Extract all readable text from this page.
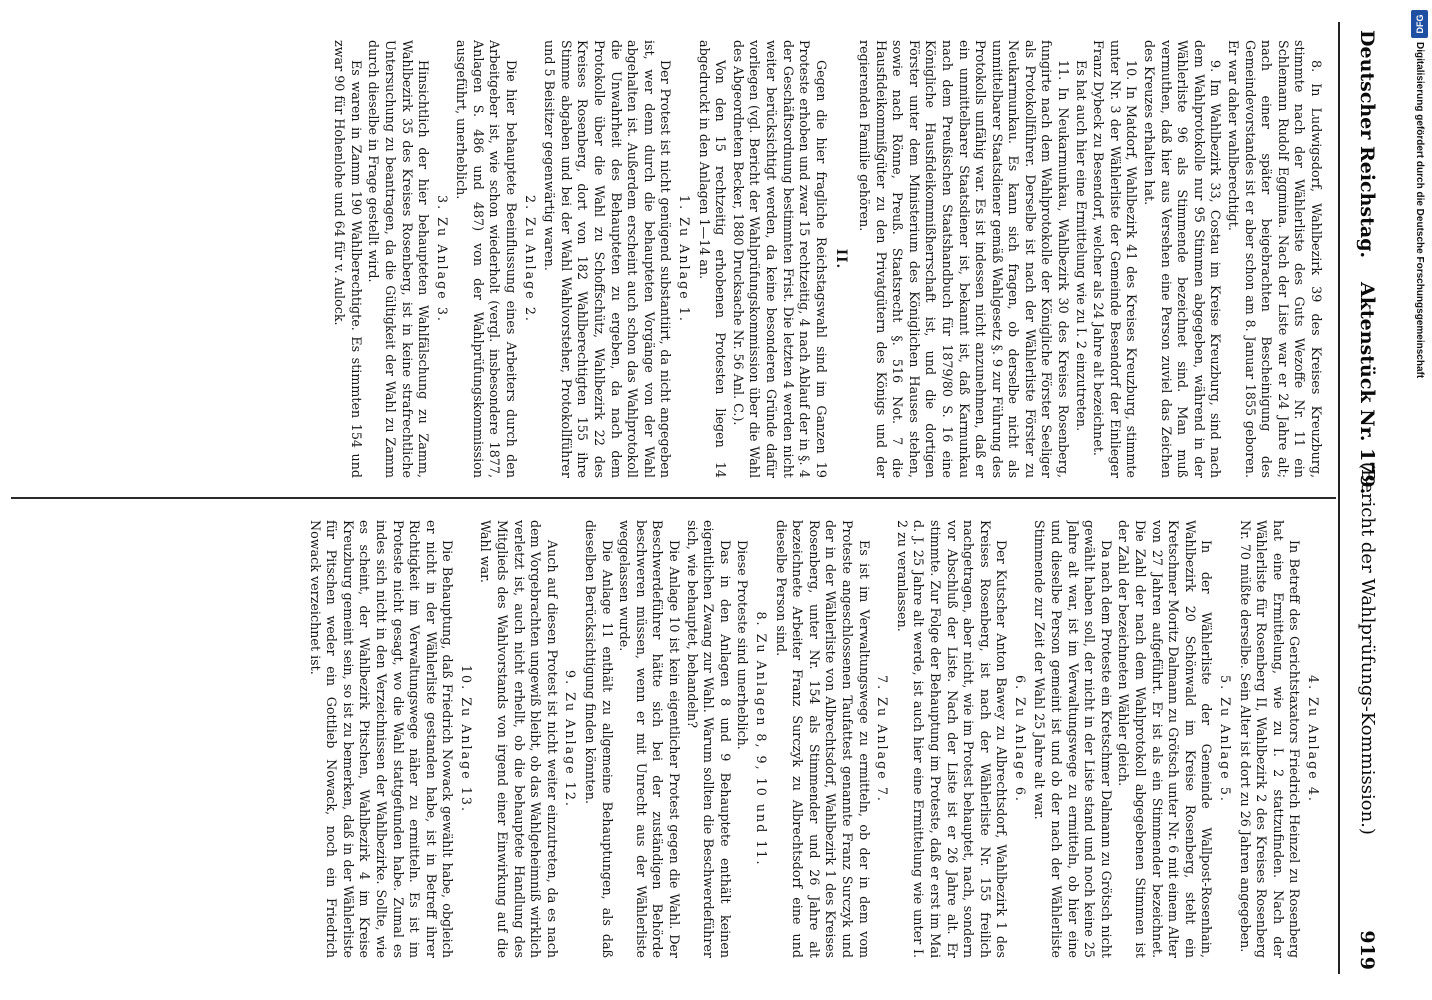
Deutscher Reichstag.
Aktenstück Nr. 179.
(Bericht der Wahlprüfungs-Kommission.)
919

8. In Ludwigsdorf, Wahlbezirk 39 des Kreises Kreuzburg, stimmte nach der Wählerliste des Guts Wezoffe Nr. 11 ein Schlemann Rudolf Eggmina. Nach der Liste war er 24 Jahre alt; nach einer später beigebrachten Bescheinigung des Gemeindevorstandes ist er aber schon am 8. Januar 1855 geboren. Er war daher wahlberechtigt.

9. Im Wahlbezirk 33, Costau im Kreise Kreuzburg, sind nach dem Wahlprotokolle nur 95 Stimmen abgegeben, während in der Wählerliste 96 als Stimmende bezeichnet sind. Man muß vermuthen, daß hier aus Versehen eine Person zuviel das Zeichen des Kreuzes erhalten hat.

10. In Matdorf, Wahlbezirk 41 des Kreises Kreuzburg, stimmte unter Nr. 3 der Wählerliste der Gemeinde Besendorf der Einlieger Franz Dybeck zu Besendorf, welcher als 24 Jahre alt bezeichnet.

Es hat auch hier eine Ermittelung wie zu I. 2 einzutreten.

11. In Neukarmunkau, Wahlbezirk 30 des Kreises Rosenberg, fungirte nach dem Wahlprotokolle der Königliche Förster Seeliger als Protokollführer. Derselbe ist nach der Wählerliste Förster zu Neukarmunkau. Es kann sich fragen, ob derselbe nicht als unmittelbarer Staatsdiener gemäß Wahlgesetz §. 9 zur Führung des Protokolls unfähig war. Es ist indessen nicht anzunehmen, daß er ein unmittelbarer Staatsdiener ist, bekannt ist, daß Karmunkau nach dem Preußischen Staatshandbuch für 1879/80 S. 16 eine Königliche Hausfideikommißherrschaft ist, und die dortigen Förster unter dem Ministerium des Königlichen Hauses stehen, sowie nach Rönne, Preuß. Staatsrecht §. 516 Not. 7 die Hausfideikommißgüter zu den Privatgütern des Königs und der regierenden Familie gehören.

II.

Gegen die hier fragliche Reichstagswahl sind im Ganzen 19 Proteste erhoben und zwar 15 rechtzeitig, 4 nach Ablauf der in §. 4 der Geschäftsordnung bestimmten Frist. Die letzten 4 werden nicht weiter berücksichtigt werden, da keine besonderen Gründe dafür vorliegen (vgl. Bericht der Wahlprüfungskommission über die Wahl des Abgeordneten Becker, 1880 Drucksache Nr. 56 Anl. C.).

Von den 15 rechtzeitig erhobenen Protesten liegen 14 abgedruckt in den Anlagen 1—14 an.

1. Zu Anlage 1.

Der Protest ist nicht genügend substantiirt, da nicht angegeben ist, wer denn durch die behaupteten Vorgänge von der Wahl abgehalten ist. Außerdem erscheint auch schon das Wahlprotokoll die Unwahrheit des Behaupteten zu ergeben, da nach dem Protokolle über die Wahl zu Schoffschütz, Wahlbezirk 22 des Kreises Rosenberg, dort von 182 Wahlberechtigten 155 ihre Stimme abgaben und bei der Wahl Wahlvorsteher, Protokollführer und 5 Beisitzer gegenwärtig waren.

2. Zu Anlage 2.

Die hier behauptete Beeinflussung eines Arbeiters durch den Arbeitgeber ist, wie schon wiederholt (vergl. insbesondere 1877, Anlagen S. 486 und 487) von der Wahlprüfungskommission ausgeführt, unerheblich.

3. Zu Anlage 3.

Hinsichtlich der hier behaupteten Wahlfälschung zu Zamm, Wahlbezirk 35 des Kreises Rosenberg, ist in keine strafrechtliche Untersuchung zu beantragen, da die Gültigkeit der Wahl zu Zamm durch dieselbe in Frage gestellt wird.

Es waren in Zamm 190 Wahlberechtigte. Es stimmten 154 und zwar 90 für Hohenlohe und 64 für v. Aulock.

4. Zu Anlage 4.

In Betreff des Gerichtstaxators Friedrich Heinzel zu Rosenberg hat eine Ermittelung, wie zu I. 2 stattzufinden. Nach der Wählerliste für Rosenberg II, Wahlbezirk 2 des Kreises Rosenberg Nr. 70 müßte derselbe. Sein Alter ist dort zu 26 Jahren angegeben.

5. Zu Anlage 5.

In der Wählerliste der Gemeinde Wallpost-Rosenhain, Wahlbezirk 20 Schönwald im Kreise Rosenberg, steht ein Kretschmer Moritz Dalmann zu Grötsch unter Nr. 6 mit einem Alter von 27 Jahren aufgeführt. Er ist als ein Stimmender bezeichnet. Die Zahl der nach dem Wahlprotokoll abgegebenen Stimmen ist der Zahl der bezeichneten Wähler gleich.

Da nach dem Proteste ein Kretschmer Dalmann zu Grötsch nicht gewählt haben soll, der nicht in der Liste stand und noch keine 25 Jahre alt war, ist im Verwaltungswege zu ermitteln, ob hier eine und dieselbe Person gemeint ist und ob der nach der Wählerliste Stimmende zur Zeit der Wahl 25 Jahre alt war.

6. Zu Anlage 6.

Der Kutscher Anton Bawey zu Albrechtsdorf, Wahlbezirk 1 des Kreises Rosenberg, ist nach der Wählerliste Nr. 155 freilich nachgetragen, aber nicht, wie im Protest behauptet, nach, sondern vor Abschluß der Liste. Nach der Liste ist er 26 Jahre alt. Er stimmte. Zur Folge der Behauptung im Proteste, daß er erst im Mai d. J. 25 Jahre alt werde, ist auch hier eine Ermittelung wie unter I. 2 zu veranlassen.

7. Zu Anlage 7.

Es ist im Verwaltungswege zu ermitteln, ob der in dem vom Proteste angeschlossenen Taufattest genannte Franz Surczyk und der in der Wählerliste von Albrechtsdorf, Wahlbezirk 1 des Kreises Rosenberg, unter Nr. 154 als Stimmender und 26 Jahre alt bezeichnete Arbeiter Franz Surczyk zu Albrechtsdorf eine und dieselbe Person sind.

8. Zu Anlagen 8, 9, 10 und 11.

Diese Proteste sind unerheblich.

Das in den Anlagen 8 und 9 Behauptete enthält keinen eigentlichen Zwang zur Wahl. Warum sollten die Beschwerdeführer sich, wie behauptet, behandeln?

Die Anlage 10 ist kein eigentlicher Protest gegen die Wahl. Der Beschwerdeführer hätte sich bei der zuständigen Behörde beschweren müssen, wenn er mit Unrecht aus der Wählerliste weggelassen wurde.

Die Anlage 11 enthält zu allgemeine Behauptungen, als daß dieselben Berücksichtigung finden könnten.

9. Zu Anlage 12.

Auch auf diesen Protest ist nicht weiter einzutreten, da es nach dem Vorgebrachten ungewiß bleibt, ob das Wahlgeheimniß wirklich verletzt ist, auch nicht erhellt, ob die behauptete Handlung des Mitglieds des Wahlvorstands von irgend einer Einwirkung auf die Wahl war.

10. Zu Anlage 13.

Die Behauptung, daß Friedrich Nowack gewählt habe, obgleich er nicht in der Wählerliste gestanden habe, ist in Betreff ihrer Richtigkeit im Verwaltungswege näher zu ermitteln. Es ist im Proteste nicht gesagt, wo die Wahl stattgefunden habe. Zumal es indes sich nicht in den Verzeichnissen der Wahlbezirke. Sollte, wie es scheint, der Wahlbezirk Pitschen, Wahlbezirk 4 im Kreise Kreuzburg gemeint sein, so ist zu bemerken, daß in der Wählerliste für Pitschen weder ein Gottlieb Nowack, noch ein Friedrich Nowack verzeichnet ist.

DFG
Digitalisierung gefördert durch die Deutsche Forschungsgemeinschaft
